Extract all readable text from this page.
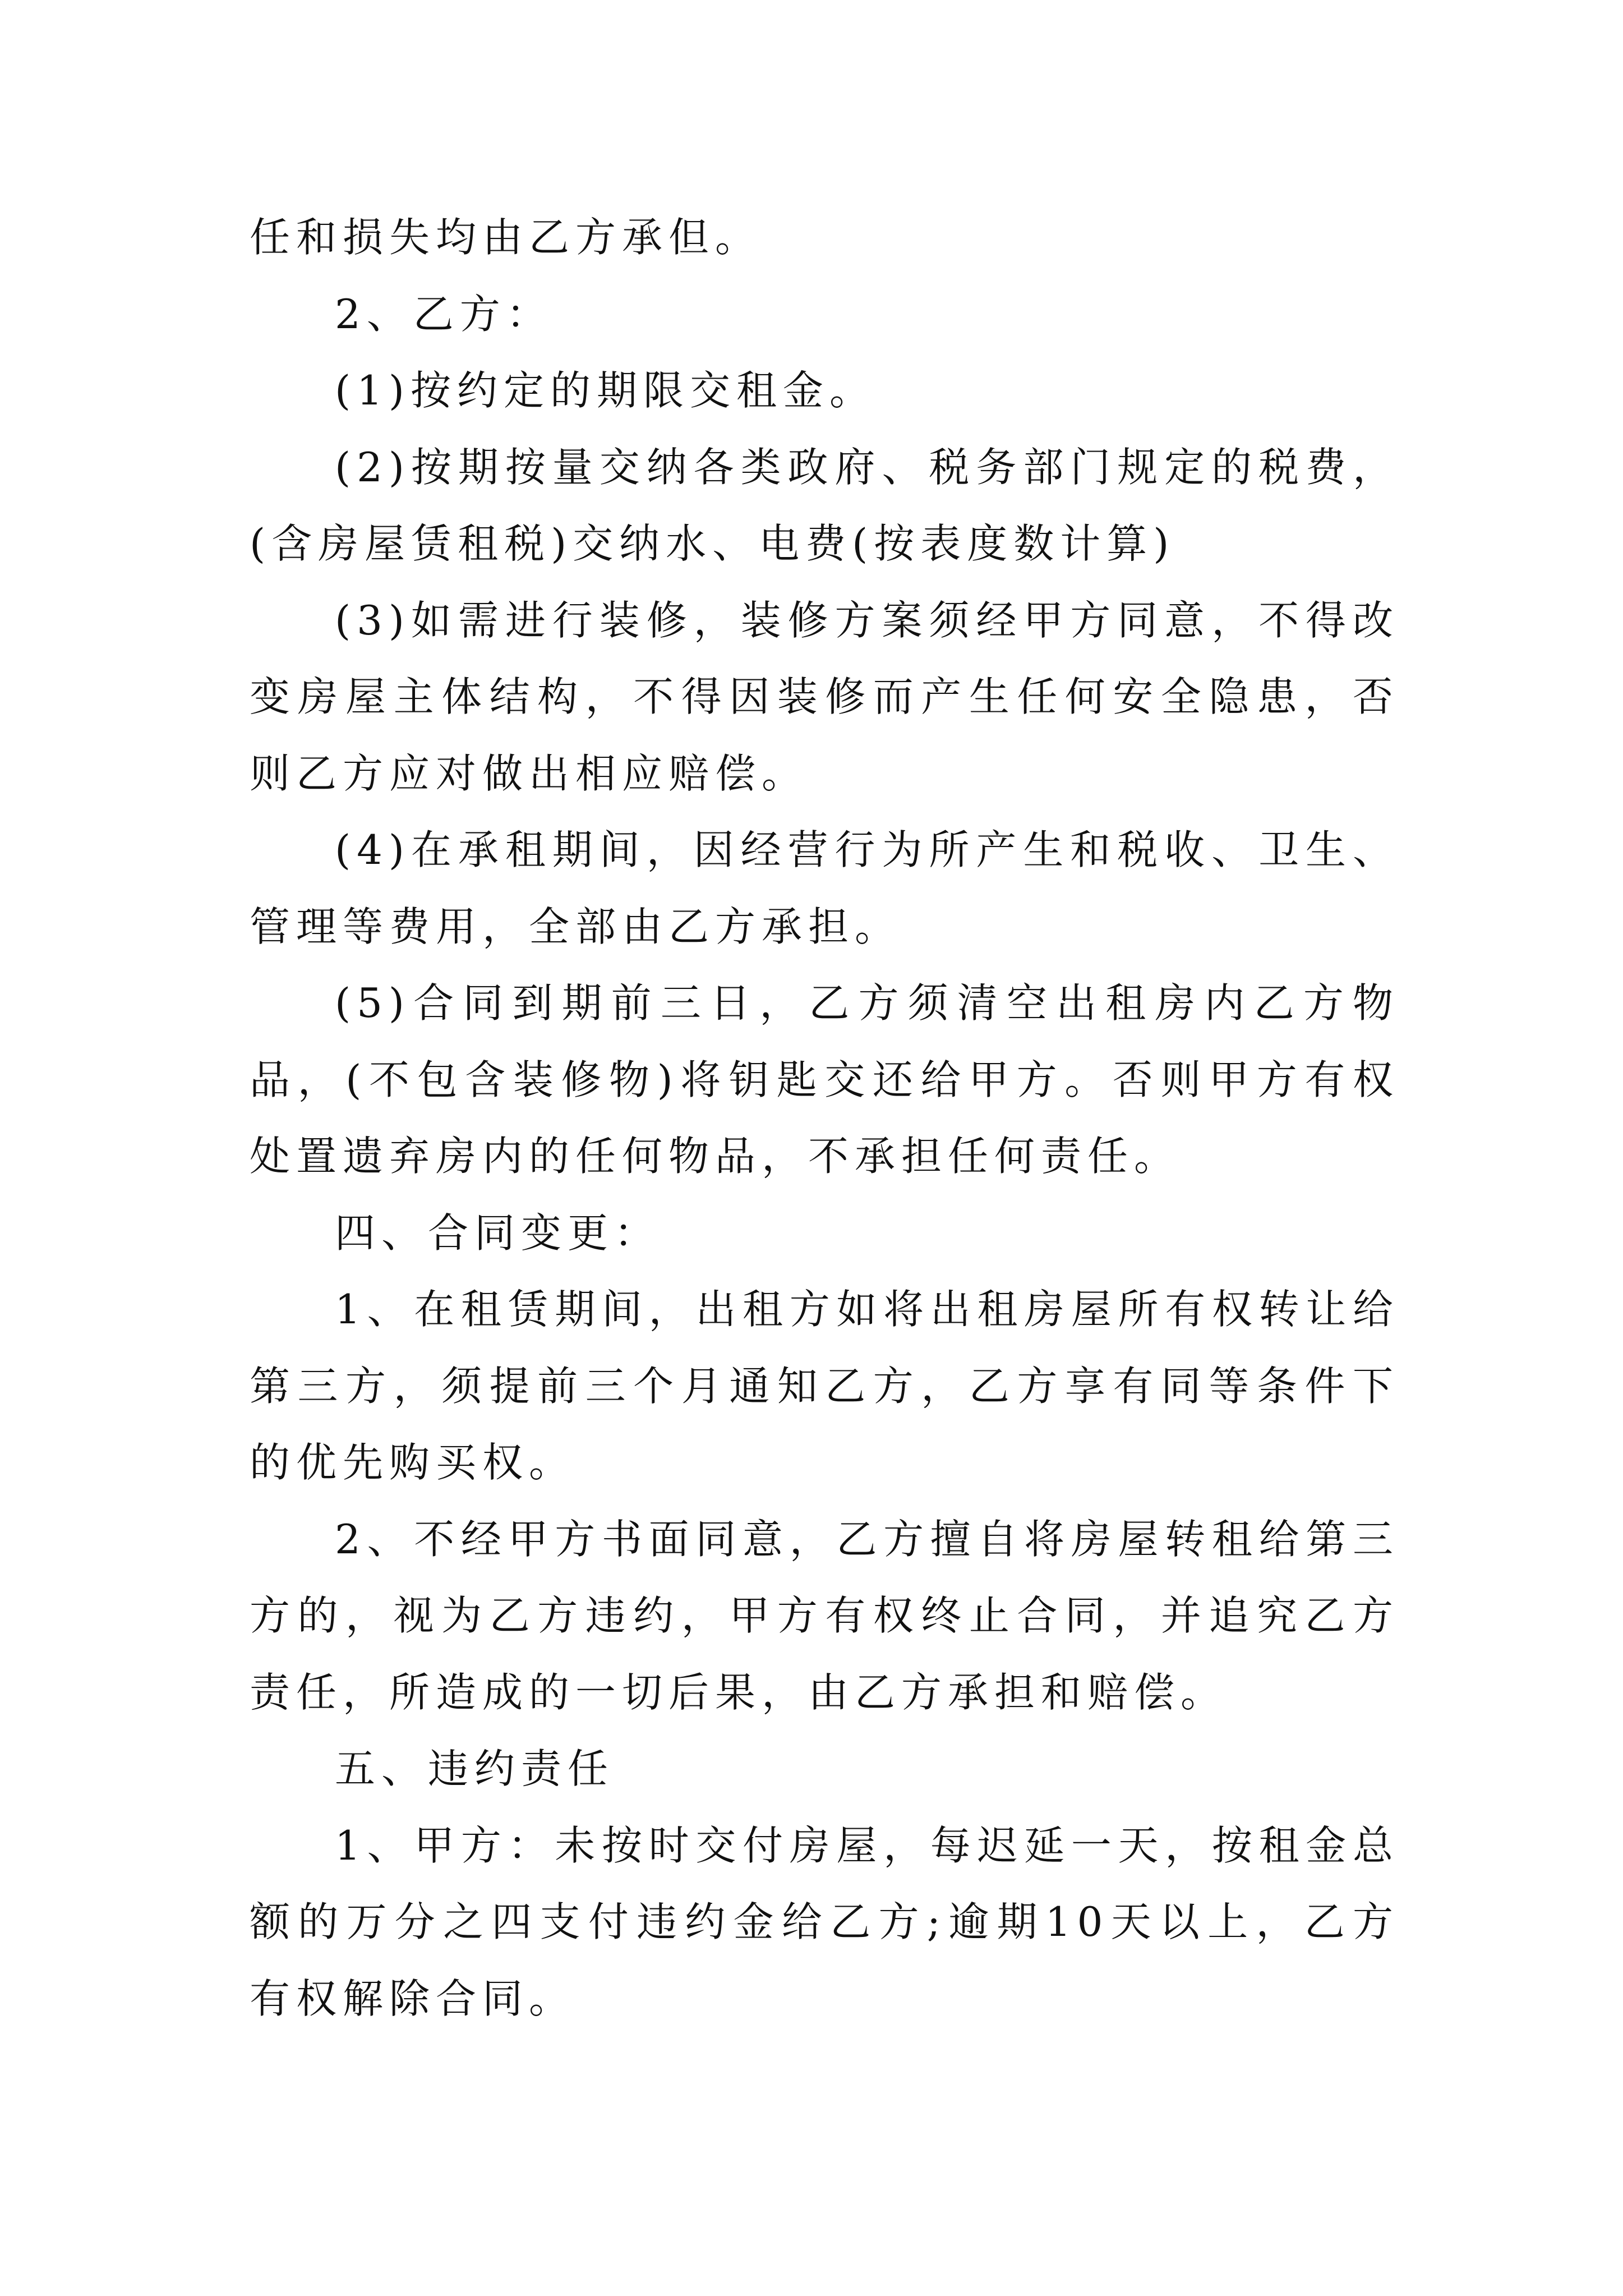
任和损失均由乙方承但。

2、乙方：

(1)按约定的期限交租金。

(2)按期按量交纳各类政府、税务部门规定的税费，(含房屋赁租税)交纳水、电费(按表度数计算)

(3)如需进行装修，装修方案须经甲方同意，不得改变房屋主体结构，不得因装修而产生任何安全隐患，否则乙方应对做出相应赔偿。

(4)在承租期间，因经营行为所产生和税收、卫生、管理等费用，全部由乙方承担。

(5)合同到期前三日，乙方须清空出租房内乙方物品，(不包含装修物)将钥匙交还给甲方。否则甲方有权处置遗弃房内的任何物品，不承担任何责任。

四、合同变更：

1、在租赁期间，出租方如将出租房屋所有权转让给第三方，须提前三个月通知乙方，乙方享有同等条件下的优先购买权。

2、不经甲方书面同意，乙方擅自将房屋转租给第三方的，视为乙方违约，甲方有权终止合同，并追究乙方责任，所造成的一切后果，由乙方承担和赔偿。

五、违约责任

1、甲方：未按时交付房屋，每迟延一天，按租金总额的万分之四支付违约金给乙方;逾期10天以上，乙方有权解除合同。
